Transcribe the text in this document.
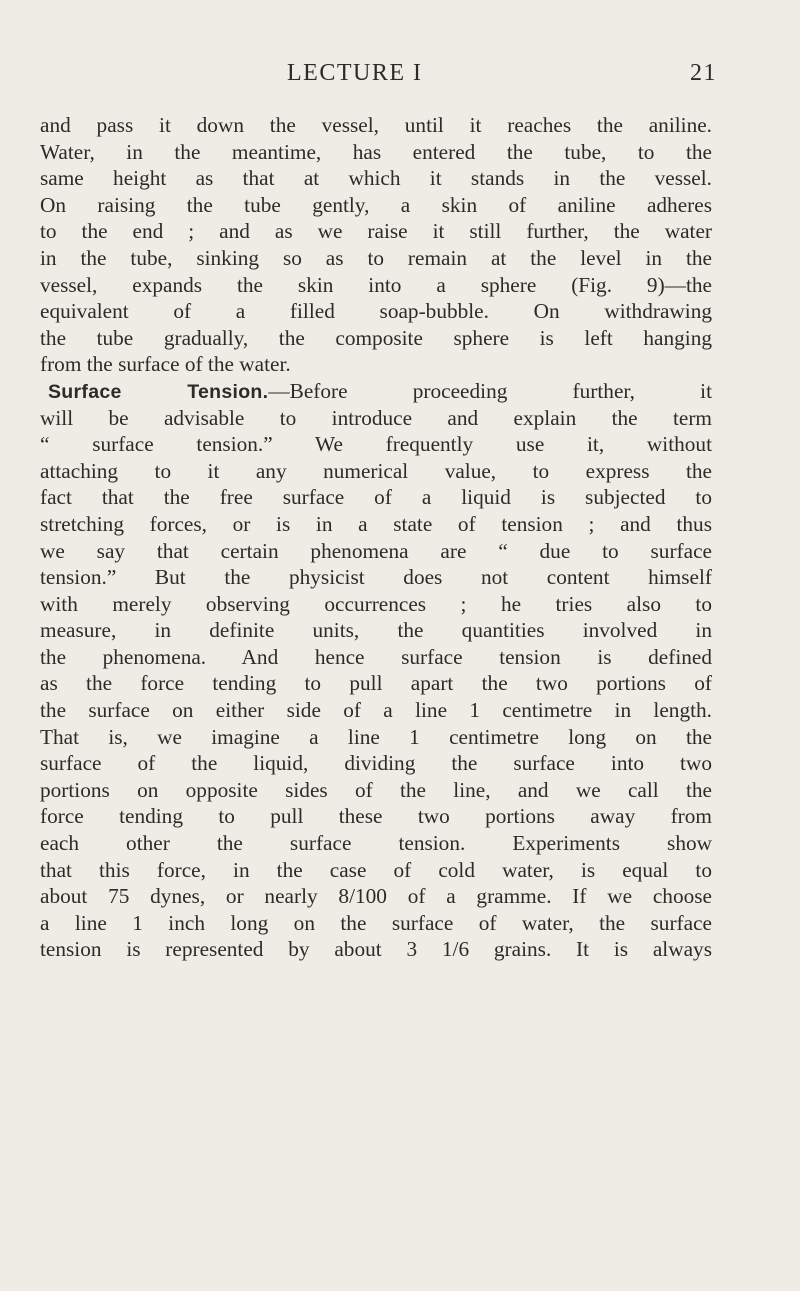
LECTURE I	21
and pass it down the vessel, until it reaches the aniline.
Water, in the meantime, has entered the tube, to the
same height as that at which it stands in the vessel.
On raising the tube gently, a skin of aniline adheres
to the end ; and as we raise it still further, the water
in the tube, sinking so as to remain at the level in the
vessel, expands the skin into a sphere (Fig. 9)—the
equivalent of a filled soap-bubble. On withdrawing
the tube gradually, the composite sphere is left hanging
from the surface of the water.
Surface Tension.—Before proceeding further, it
will be advisable to introduce and explain the term
“ surface tension.” We frequently use it, without
attaching to it any numerical value, to express the
fact that the free surface of a liquid is subjected to
stretching forces, or is in a state of tension ; and thus
we say that certain phenomena are “ due to surface
tension.” But the physicist does not content himself
with merely observing occurrences ; he tries also to
measure, in definite units, the quantities involved in
the phenomena. And hence surface tension is defined
as the force tending to pull apart the two portions of
the surface on either side of a line 1 centimetre in length.
That is, we imagine a line 1 centimetre long on the
surface of the liquid, dividing the surface into two
portions on opposite sides of the line, and we call the
force tending to pull these two portions away from
each other the surface tension. Experiments show
that this force, in the case of cold water, is equal to
about 75 dynes, or nearly 8/100 of a gramme. If we choose
a line 1 inch long on the surface of water, the surface
tension is represented by about 3 1/6 grains. It is always
